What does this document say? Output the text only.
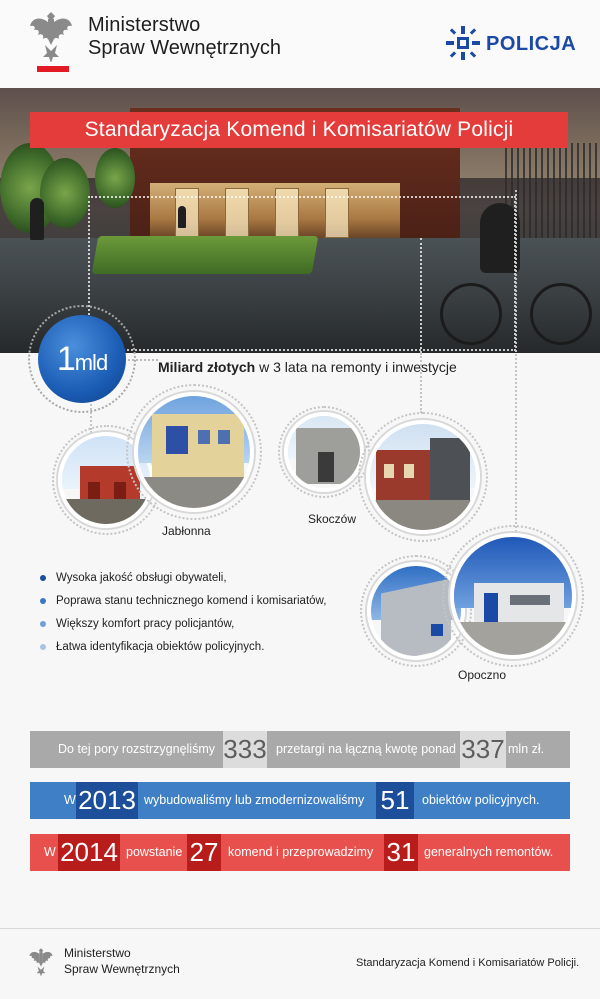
Ministerstwo
Spraw Wewnętrznych	POLICJA
Standaryzacja Komend i Komisariatów Policji
1mld	Miliard złotych w 3 lata na remonty i inwestycje
Jabłonna
Skoczów
Opoczno
Wysoka jakość obsługi obywateli,
Poprawa stanu technicznego komend i komisariatów,
Większy komfort pracy policjantów,
Łatwa identyfikacja obiektów policyjnych.
Do tej pory rozstrzygnęliśmy 333 przetargi na łączną kwotę ponad 337 mln zł.
W 2013 wybudowaliśmy lub zmodernizowaliśmy 51	obiektów policyjnych.
W 2014 powstanie 27 komend i przeprowadzimy 31 generalnych remontów.
Ministerstwo
Spraw Wewnętrznych	Standaryzacja Komend i Komisariatów Policji.
